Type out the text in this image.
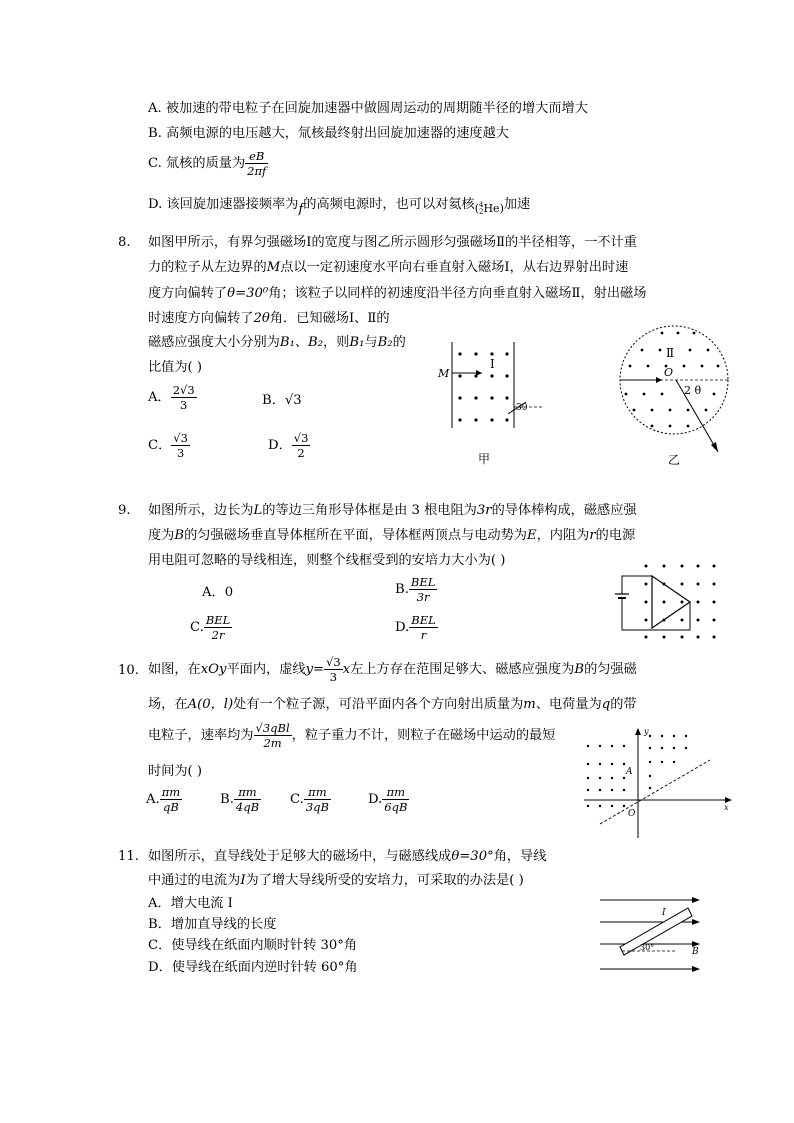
A. 被加速的带电粒子在回旋加速器中做圆周运动的周期随半径的增大而增大
B. 高频电源的电压越大，氚核最终射出回旋加速器的速度越大
C. 氚核的质量为 $\frac{eB}{2\pi f}$
D. 该回旋加速器接频率为f的高频电源时，也可以对氦核$_{( 4 2 He)}$加速
8. 如图甲所示，有界匀强磁场Ⅰ的宽度与图乙所示圆形匀强磁场Ⅱ的半径相等，一不计重
力的粒子从左边界的M点以一定初速度水平向右垂直射入磁场Ⅰ，从右边界射出时速
度方向偏转了θ=30⁰角；该粒子以同样的初速度沿半径方向垂直射入磁场Ⅱ，射出磁场
时速度方向偏转了2θ角．已知磁场Ⅰ、Ⅱ的
磁感应强度大小分别为B₁、B₂，则B₁与B₂的
比值为( )
A． $\frac{2√3}{3}$	B．√3
C． $\frac{√3}{3}$	D． $\frac{√3}{2}$
M
I
30
甲
Ⅱ
O
2 θ
乙
9. 如图所示，边长为L的等边三角形导体框是由 3 根电阻为3r的导体棒构成，磁感应强
度为B的匀强磁场垂直导体框所在平面，导体框两顶点与电动势为E，内阻为r的电源
用电阻可忽略的导线相连，则整个线框受到的安培力大小为( )
A．0	B. $\frac{\text{BEL}}{3r}$
C. $\frac{\text{BEL}}{2r}$	D. $\frac{\text{BEL}}{r}$
10. 如图，在xOy平面内，虚线$y= \frac{√3}{3}$ x左上方存在范围足够大、磁感应强度为B的匀强磁
场，在A(0，l)处有一个粒子源，可沿平面内各个方向射出质量为m、电荷量为q的带
电粒子，速率均为 $\frac{\text{√3qBl}}{2m}$ ，粒子重力不计，则粒子在磁场中运动的最短
时间为( )
A. $\frac{\pi m}{qB}$	B. $\frac{\pi m}{4qB} C$. $\frac{\pi m}{3qB}$	D. $\frac{\pi m}{6qB}$
y
x
A
O
11. 如图所示，直导线处于足够大的磁场中，与磁感线成θ=30°角，导线
中通过的电流为I为了增大导线所受的安培力，可采取的办法是( )
A．增大电流 I
B．增加直导线的长度
C．使导线在纸面内顺时针转 30°角
D．使导线在纸面内逆时针转 60°角
I
30°	B
